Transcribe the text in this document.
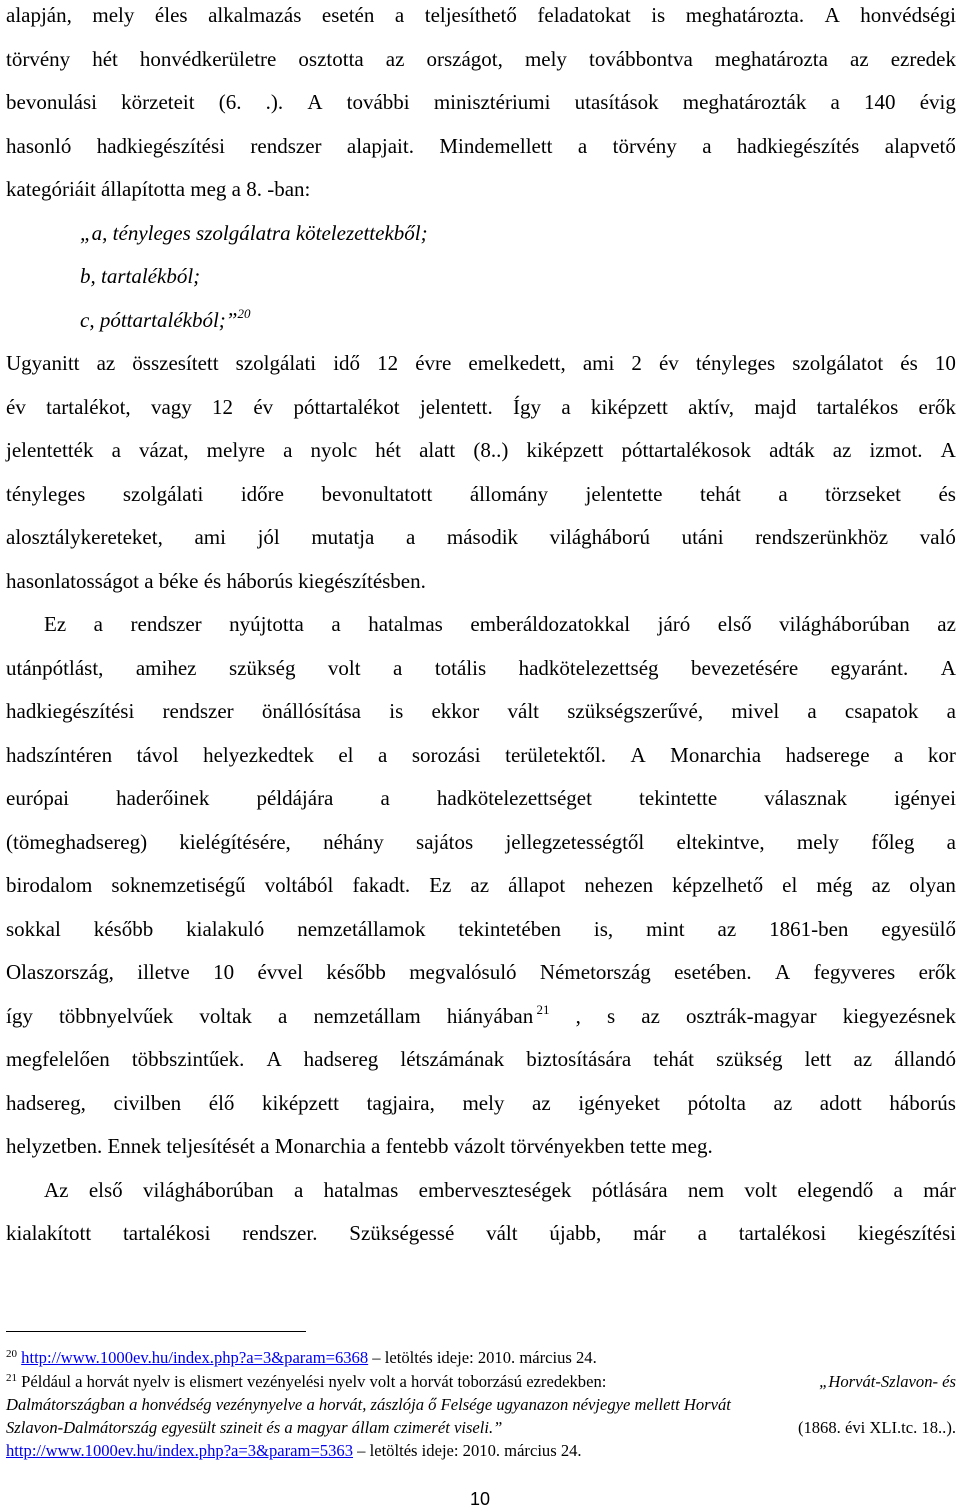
alapján, mely éles alkalmazás esetén a teljesíthető feladatokat is meghatározta. A honvédségi
törvény hét honvédkerületre osztotta az országot, mely továbbontva meghatározta az ezredek
bevonulási körzeteit (6. .). A további minisztériumi utasítások meghatározták a 140 évig
hasonló hadkiegészítési rendszer alapjait. Mindemellett a törvény a hadkiegészítés alapvető
kategóriáit állapította meg a 8. -ban:
„a, tényleges szolgálatra kötelezettekből;
b, tartalékból;
c, póttartalékból;”$^{20}$
Ugyanitt az összesített szolgálati idő 12 évre emelkedett, ami 2 év tényleges szolgálatot és 10
év tartalékot, vagy 12 év póttartalékot jelentett. Így a kiképzett aktív, majd tartalékos erők
jelentették a vázat, melyre a nyolc hét alatt (8..) kiképzett póttartalékosok adták az izmot. A
tényleges szolgálati időre bevonultatott állomány jelentette tehát a törzseket és
alosztálykereteket, ami jól mutatja a második világháború utáni rendszerünkhöz való
hasonlatosságot a béke és háborús kiegészítésben.
Ez a rendszer nyújtotta a hatalmas emberáldozatokkal járó első világháborúban az
utánpótlást, amihez szükség volt a totális hadkötelezettség bevezetésére egyaránt. A
hadkiegészítési rendszer önállósítása is ekkor vált szükségszerűvé, mivel a csapatok a
hadszíntéren távol helyezkedtek el a sorozási területektől. A Monarchia hadserege a kor
európai haderőinek példájára a hadkötelezettséget tekintette válasznak igényei
(tömeghadsereg) kielégítésére, néhány sajátos jellegzetességtől eltekintve, mely főleg a
birodalom soknemzetiségű voltából fakadt. Ez az állapot nehezen képzelhető el még az olyan
sokkal később kialakuló nemzetállamok tekintetében is, mint az 1861-ben egyesülő
Olaszország, illetve 10 évvel később megvalósuló Németország esetében. A fegyveres erők
így többnyelvűek voltak a nemzetállam hiányában $^{21}$ , s az osztrák-magyar kiegyezésnek
megfelelően többszintűek. A hadsereg létszámának biztosítására tehát szükség lett az állandó
hadsereg, civilben élő kiképzett tagjaira, mely az igényeket pótolta az adott háborús
helyzetben. Ennek teljesítését a Monarchia a fentebb vázolt törvényekben tette meg.
Az első világháborúban a hatalmas emberveszteségek pótlására nem volt elegendő a már
kialakított tartalékosi rendszer. Szükségessé vált újabb, már a tartalékosi kiegészítési
$^{20}$ http://www.1000ev.hu/index.php?a=3&param=6368 – letöltés ideje: 2010. március 24.
$^{21}$ Például a horvát nyelv is elismert vezényelési nyelv volt a horvát toborzású ezredekben:	„Horvát-Szlavon- és
Dalmátországban a honvédség vezénynyelve a horvát, zászlója ő Felsége ugyanazon névjegye mellett Horvát
Szlavon-Dalmátország egyesült szineit és a magyar állam czimerét viseli.”	(1868. évi XLI.tc. 18..).
http://www.1000ev.hu/index.php?a=3&param=5363 – letöltés ideje: 2010. március 24.
10
